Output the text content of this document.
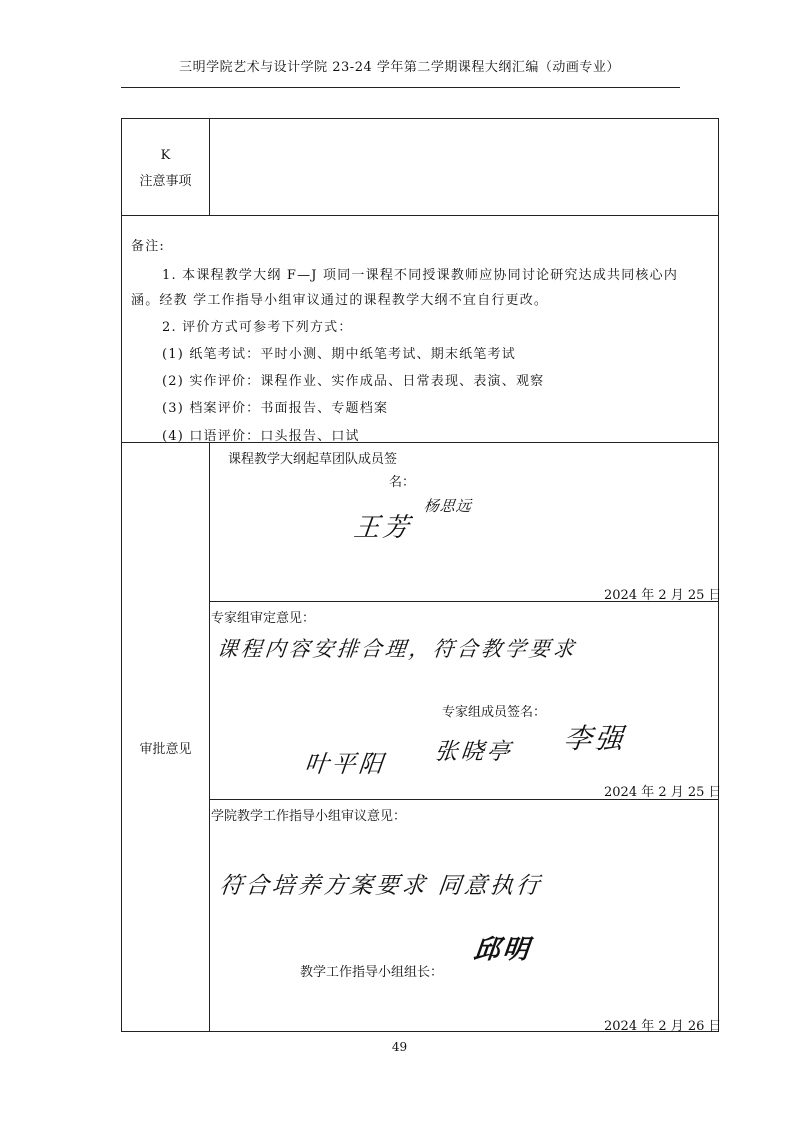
三明学院艺术与设计学院 23-24 学年第二学期课程大纲汇编（动画专业）
K
注意事项
备注:
1. 本课程教学大纲 F—J 项同一课程不同授课教师应协同讨论研究达成共同核心内
涵。经教 学工作指导小组审议通过的课程教学大纲不宜自行更改。
2. 评价方式可参考下列方式：
(1) 纸笔考试：平时小测、期中纸笔考试、期末纸笔考试
(2) 实作评价：课程作业、实作成品、日常表现、表演、观察
(3) 档案评价：书面报告、专题档案
(4) 口语评价：口头报告、口试
审批意见
课程教学大纲起草团队成员签
名：
王芳
杨思远
2024 年 2 月 25 日
专家组审定意见：
课程内容安排合理，符合教学要求
专家组成员签名：
叶平阳 张晓亭 李强
2024 年 2 月 25 日
学院教学工作指导小组审议意见：
符合培养方案要求 同意执行
教学工作指导小组组长：
邱明
2024 年 2 月 26 日
49
